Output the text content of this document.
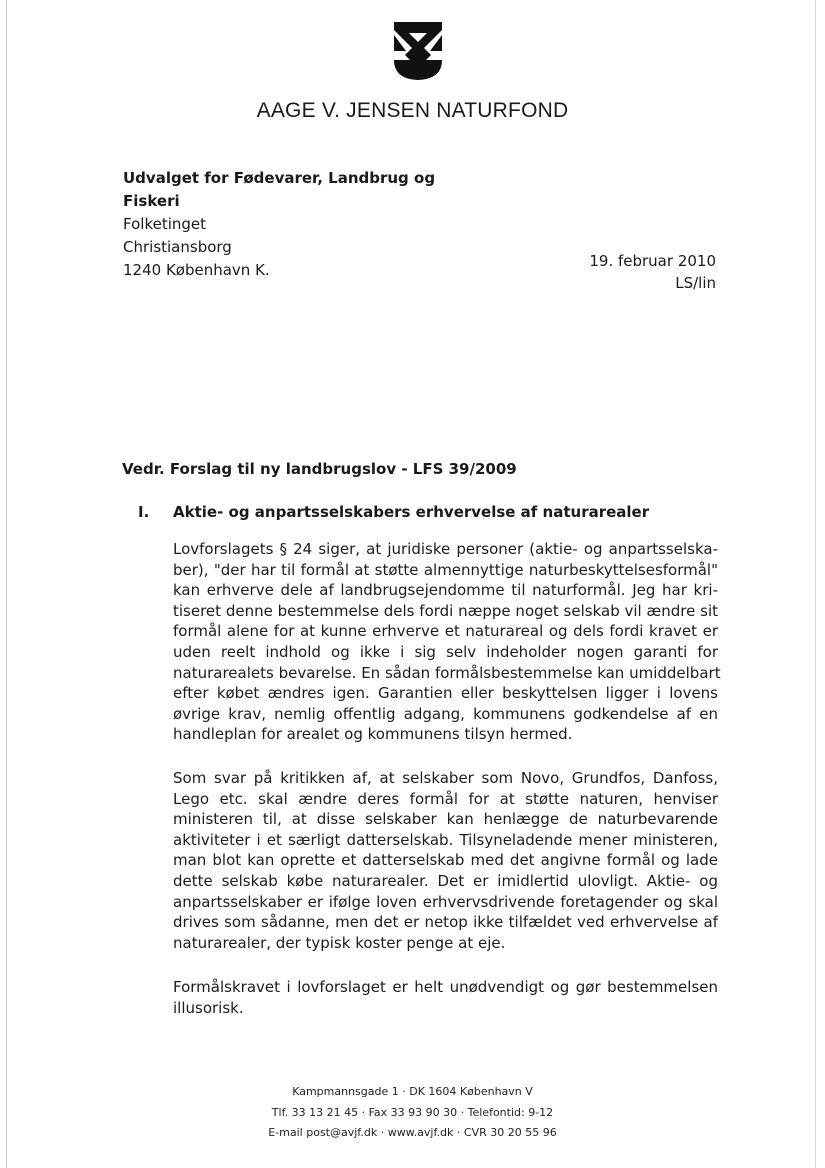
AAGE V. JENSEN NATURFOND
Udvalget for Fødevarer, Landbrug og
Fiskeri
Folketinget
Christiansborg
1240 København K.	19. februar 2010
LS/lin
Vedr. Forslag til ny landbrugslov - LFS 39/2009
I. Aktie- og anpartsselskabers erhvervelse af naturarealer
Lovforslagets § 24 siger, at juridiske personer (aktie- og anpartsselska-
ber), "der har til formål at støtte almennyttige naturbeskyttelsesformål"
kan erhverve dele af landbrugsejendomme til naturformål. Jeg har kri-
tiseret denne bestemmelse dels fordi næppe noget selskab vil ændre sit
formål alene for at kunne erhverve et naturareal og dels fordi kravet er
uden reelt indhold og ikke i sig selv indeholder nogen garanti for
naturarealets bevarelse. En sådan formålsbestemmelse kan umiddelbart
efter købet ændres igen. Garantien eller beskyttelsen ligger i lovens
øvrige krav, nemlig offentlig adgang, kommunens godkendelse af en
handleplan for arealet og kommunens tilsyn hermed.
Som svar på kritikken af, at selskaber som Novo, Grundfos, Danfoss,
Lego etc. skal ændre deres formål for at støtte naturen, henviser
ministeren til, at disse selskaber kan henlægge de naturbevarende
aktiviteter i et særligt datterselskab. Tilsyneladende mener ministeren,
man blot kan oprette et datterselskab med det angivne formål og lade
dette selskab købe naturarealer. Det er imidlertid ulovligt. Aktie- og
anpartsselskaber er ifølge loven erhvervsdrivende foretagender og skal
drives som sådanne, men det er netop ikke tilfældet ved erhvervelse af
naturarealer, der typisk koster penge at eje.
Formålskravet i lovforslaget er helt unødvendigt og gør bestemmelsen
illusorisk.
Kampmannsgade 1 · DK 1604 København V
Tlf. 33 13 21 45 · Fax 33 93 90 30 · Telefontid: 9-12
E-mail post@avjf.dk · www.avjf.dk · CVR 30 20 55 96
